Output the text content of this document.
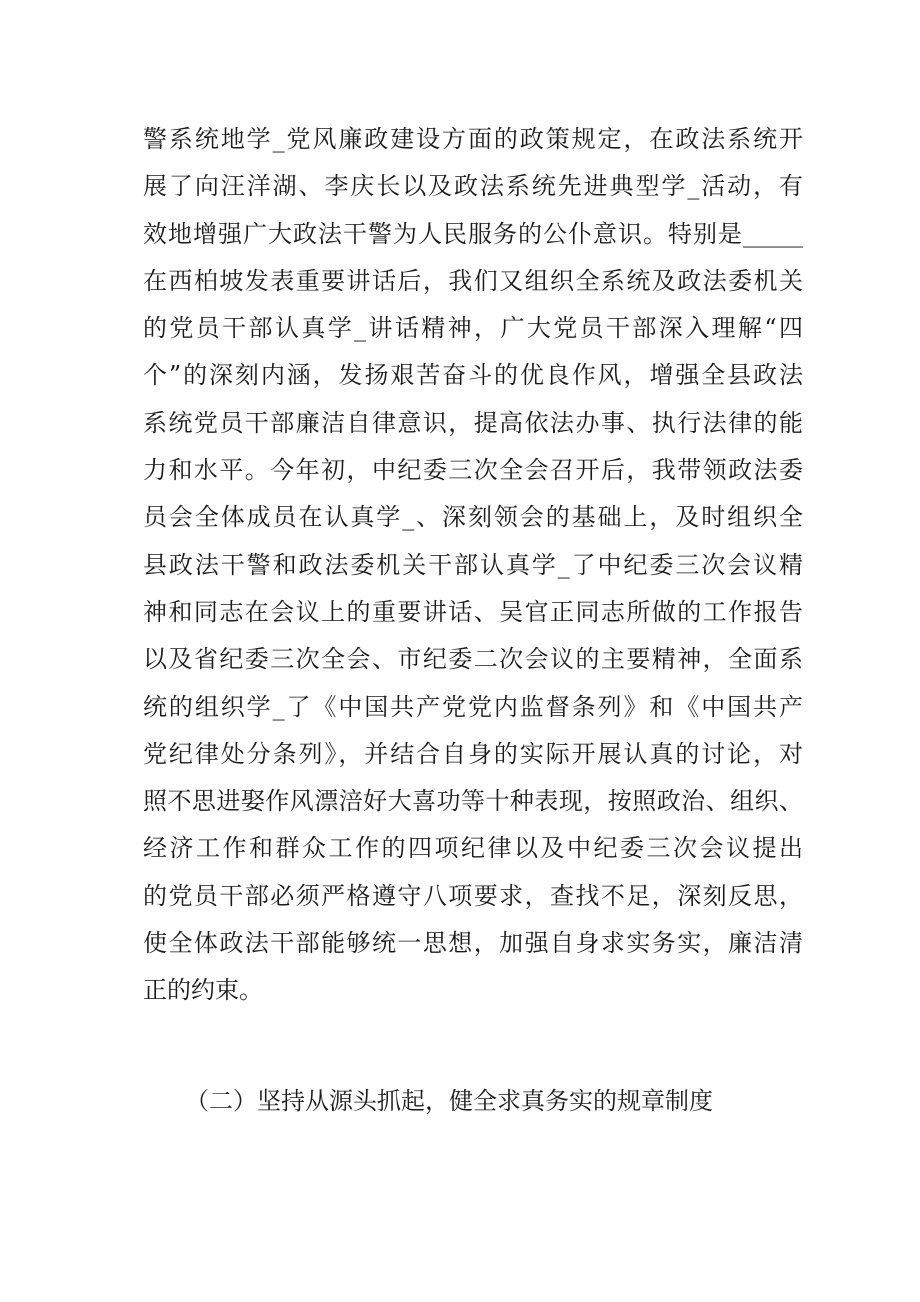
警系统地学_党风廉政建设方面的政策规定，在政法系统开
展了向汪洋湖、李庆长以及政法系统先进典型学_活动，有
效地增强广大政法干警为人民服务的公仆意识。特别是_____
在西柏坡发表重要讲话后，我们又组织全系统及政法委机关
的党员干部认真学_讲话精神，广大党员干部深入理解“四
个”的深刻内涵，发扬艰苦奋斗的优良作风，增强全县政法
系统党员干部廉洁自律意识，提高依法办事、执行法律的能
力和水平。今年初，中纪委三次全会召开后，我带领政法委
员会全体成员在认真学_、深刻领会的基础上，及时组织全
县政法干警和政法委机关干部认真学_了中纪委三次会议精
神和同志在会议上的重要讲话、吴官正同志所做的工作报告
以及省纪委三次全会、市纪委二次会议的主要精神，全面系
统的组织学_了《中国共产党党内监督条列》和《中国共产
党纪律处分条列》，并结合自身的实际开展认真的讨论，对
照不思进娶作风漂涪好大喜功等十种表现，按照政治、组织、
经济工作和群众工作的四项纪律以及中纪委三次会议提出
的党员干部必须严格遵守八项要求，查找不足，深刻反思，
使全体政法干部能够统一思想，加强自身求实务实，廉洁清
正的约束。

（二）坚持从源头抓起，健全求真务实的规章制度
